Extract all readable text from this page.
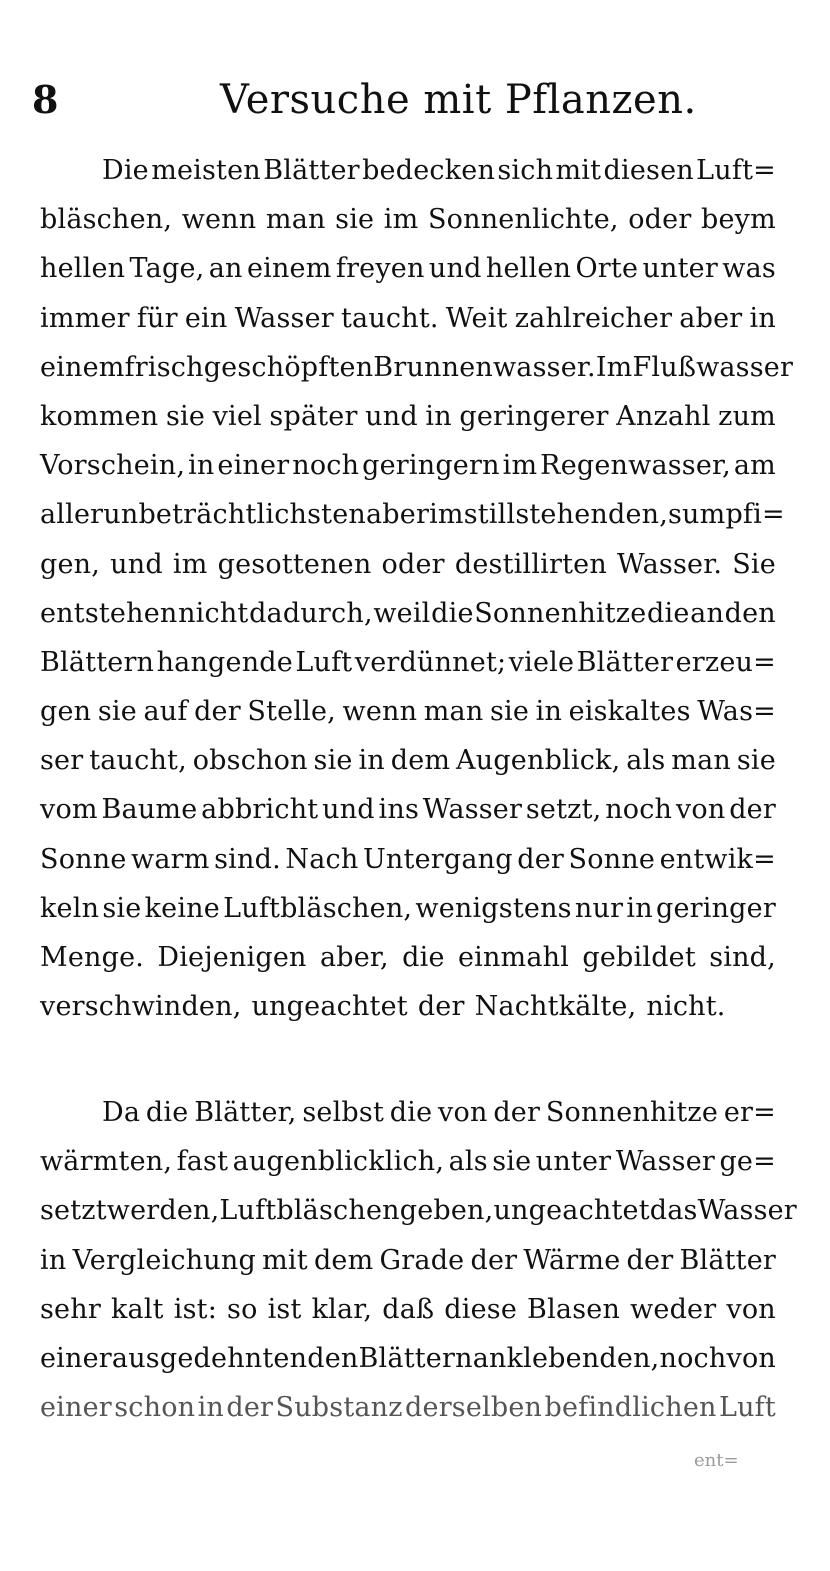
8	Versuche mit Pflanzen.
Die meisten Blätter bedecken sich mit diesen Luft=
bläschen, wenn man sie im Sonnenlichte, oder beym
hellen Tage, an einem freyen und hellen Orte unter was
immer für ein Wasser taucht. Weit zahlreicher aber in
einem frisch geschöpften Brunnenwasser. Im Flußwasser
kommen sie viel später und in geringerer Anzahl zum
Vorschein, in einer noch geringern im Regenwasser, am
aller unbeträchtlichsten aber im stillstehenden, sumpfi=
gen, und im gesottenen oder destillirten Wasser. Sie
entstehen nicht dadurch, weil die Sonnenhitze die an den
Blättern hangende Luft verdünnet; viele Blätter erzeu=
gen sie auf der Stelle, wenn man sie in eiskaltes Was=
ser taucht, obschon sie in dem Augenblick, als man sie
vom Baume abbricht und ins Wasser setzt, noch von der
Sonne warm sind. Nach Untergang der Sonne entwik=
keln sie keine Luftbläschen, wenigstens nur in geringer
Menge. Diejenigen aber, die einmahl gebildet sind,
verschwinden, ungeachtet der Nachtkälte, nicht.
Da die Blätter, selbst die von der Sonnenhitze er=
wärmten, fast augenblicklich, als sie unter Wasser ge=
setzt werden, Luftbläschen geben, ungeachtet das Wasser
in Vergleichung mit dem Grade der Wärme der Blätter
sehr kalt ist: so ist klar, daß diese Blasen weder von
einer ausgedehnten den Blättern anklebenden, noch von
einer schon in der Substanz derselben befindlichen Luft
ent=
